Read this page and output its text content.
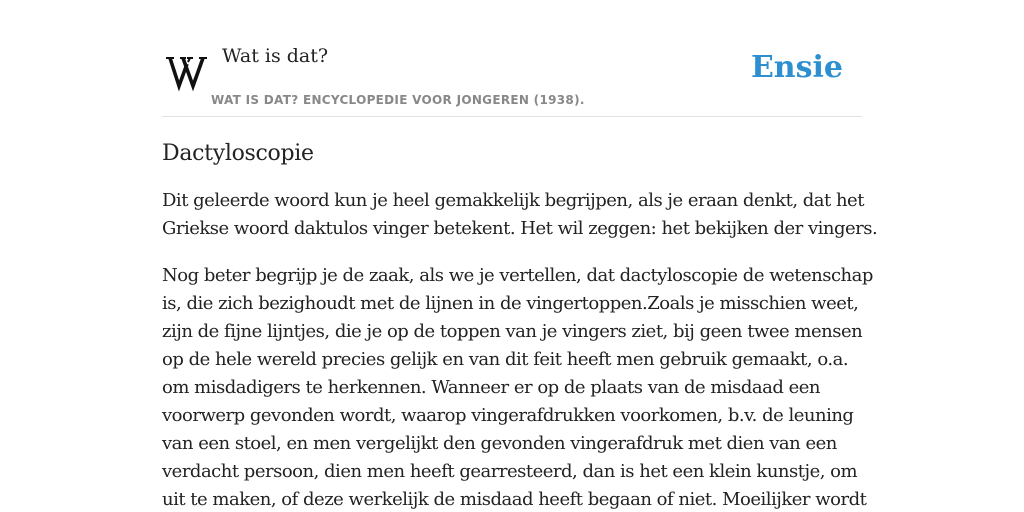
Wat is dat?	Ensie
WAT IS DAT? ENCYCLOPEDIE VOOR JONGEREN (1938).
Dactyloscopie

Dit geleerde woord kun je heel gemakkelijk begrijpen, als je eraan denkt, dat het
Griekse woord daktulos vinger betekent. Het wil zeggen: het bekijken der vingers.

Nog beter begrijp je de zaak, als we je vertellen, dat dactyloscopie de wetenschap
is, die zich bezighoudt met de lijnen in de vingertoppen.Zoals je misschien weet,
zijn de fijne lijntjes, die je op de toppen van je vingers ziet, bij geen twee mensen
op de hele wereld precies gelijk en van dit feit heeft men gebruik gemaakt, o.a.
om misdadigers te herkennen. Wanneer er op de plaats van de misdaad een
voorwerp gevonden wordt, waarop vingerafdrukken voorkomen, b.v. de leuning
van een stoel, en men vergelijkt den gevonden vingerafdruk met dien van een
verdacht persoon, dien men heeft gearresteerd, dan is het een klein kunstje, om
uit te maken, of deze werkelijk de misdaad heeft begaan of niet. Moeilijker wordt
